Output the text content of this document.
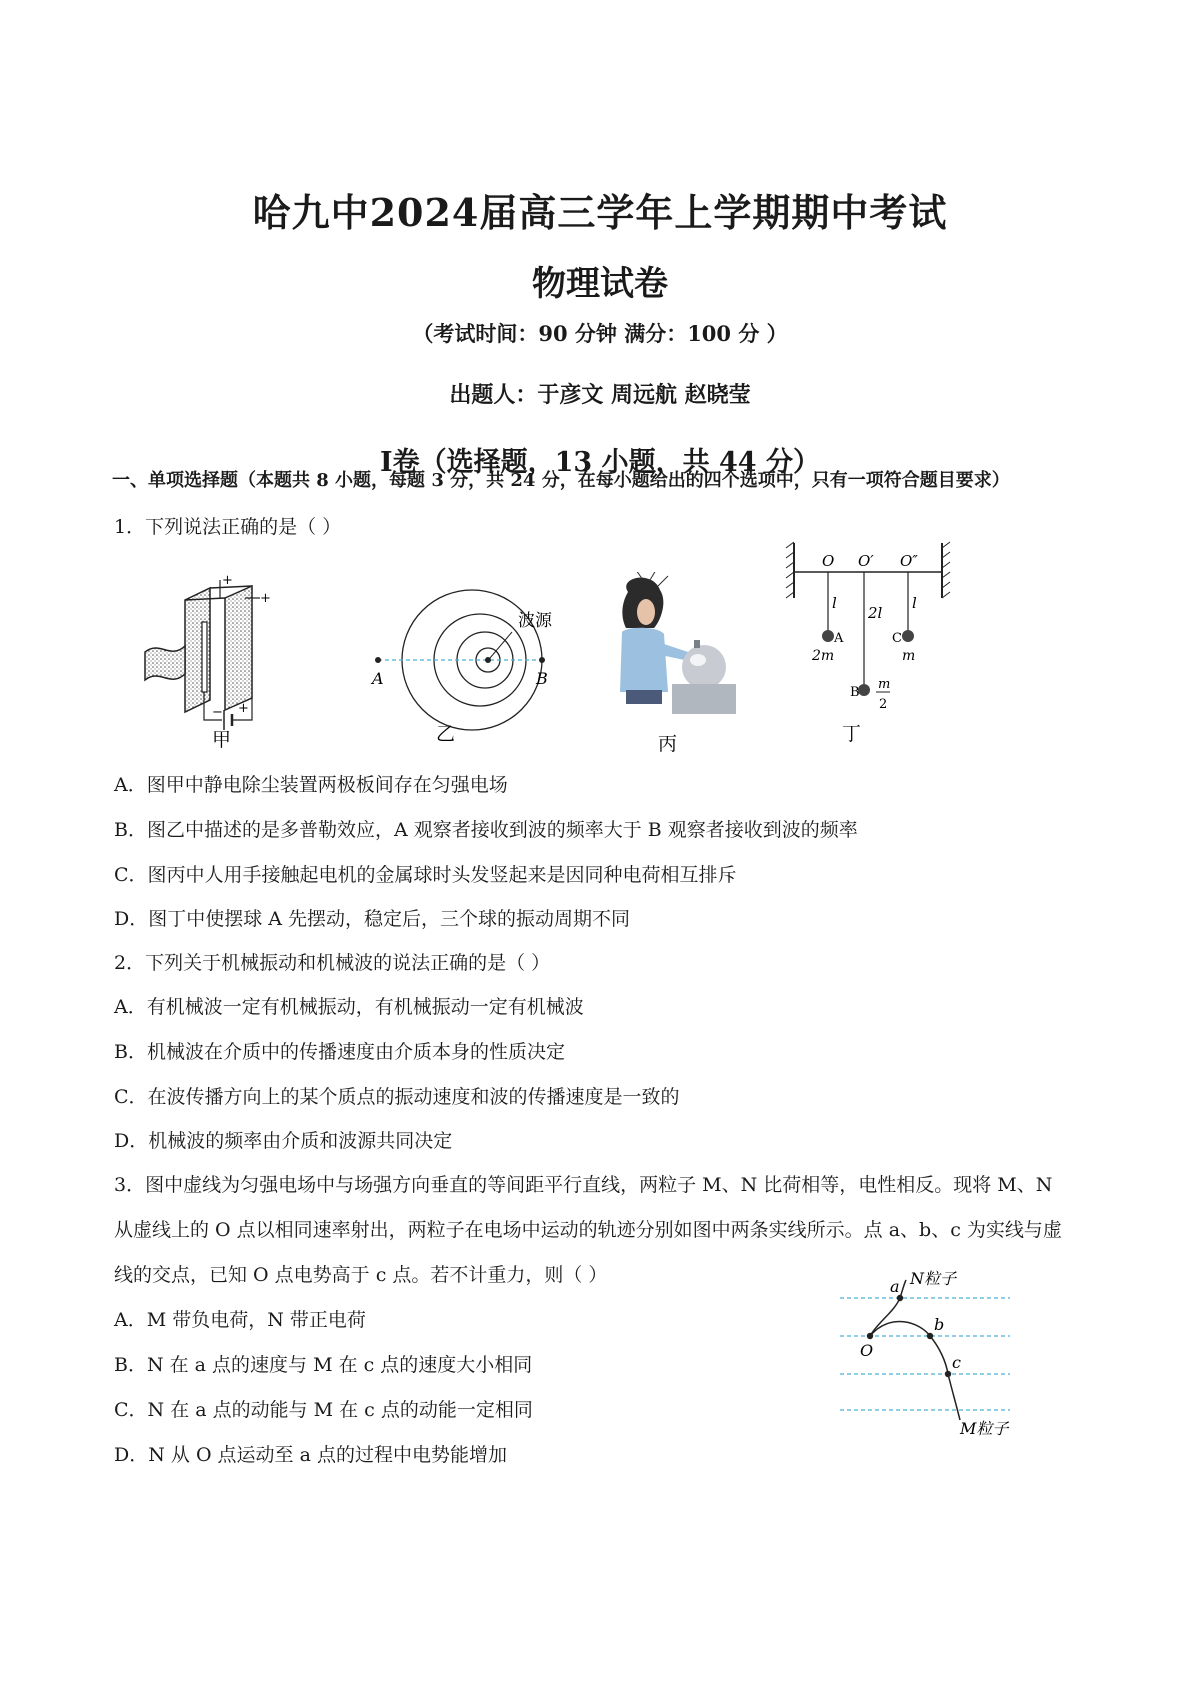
哈九中2024届高三学年上学期期中考试
物理试卷
（考试时间：90 分钟 满分：100 分 ）
出题人：于彦文 周远航 赵晓莹
I卷（选择题，13 小题，共 44 分）
一、单项选择题（本题共 8 小题，每题 3 分，共 24 分，在每小题给出的四个选项中，只有一项符合题目要求）
1．下列说法正确的是（ ）
+
+
− +
甲
波源
A	B
乙	丙
O O′ O″
l
2l
l
A
2m
C
m
B
m
2
丁
A．图甲中静电除尘装置两极板间存在匀强电场
B．图乙中描述的是多普勒效应，A 观察者接收到波的频率大于 B 观察者接收到波的频率
C．图丙中人用手接触起电机的金属球时头发竖起来是因同种电荷相互排斥
D．图丁中使摆球 A 先摆动，稳定后，三个球的振动周期不同
2．下列关于机械振动和机械波的说法正确的是（ ）
A．有机械波一定有机械振动，有机械振动一定有机械波
B．机械波在介质中的传播速度由介质本身的性质决定
C．在波传播方向上的某个质点的振动速度和波的传播速度是一致的
D．机械波的频率由介质和波源共同决定
3．图中虚线为匀强电场中与场强方向垂直的等间距平行直线，两粒子 M、N 比荷相等，电性相反。现将 M、N
从虚线上的 O 点以相同速率射出，两粒子在电场中运动的轨迹分别如图中两条实线所示。点 a、b、c 为实线与虚
线的交点，已知 O 点电势高于 c 点。若不计重力，则（ ）
A．M 带负电荷，N 带正电荷
B．N 在 a 点的速度与 M 在 c 点的速度大小相同
C．N 在 a 点的动能与 M 在 c 点的动能一定相同
D．N 从 O 点运动至 a 点的过程中电势能增加
O
a
b
c
N粒子
M粒子
